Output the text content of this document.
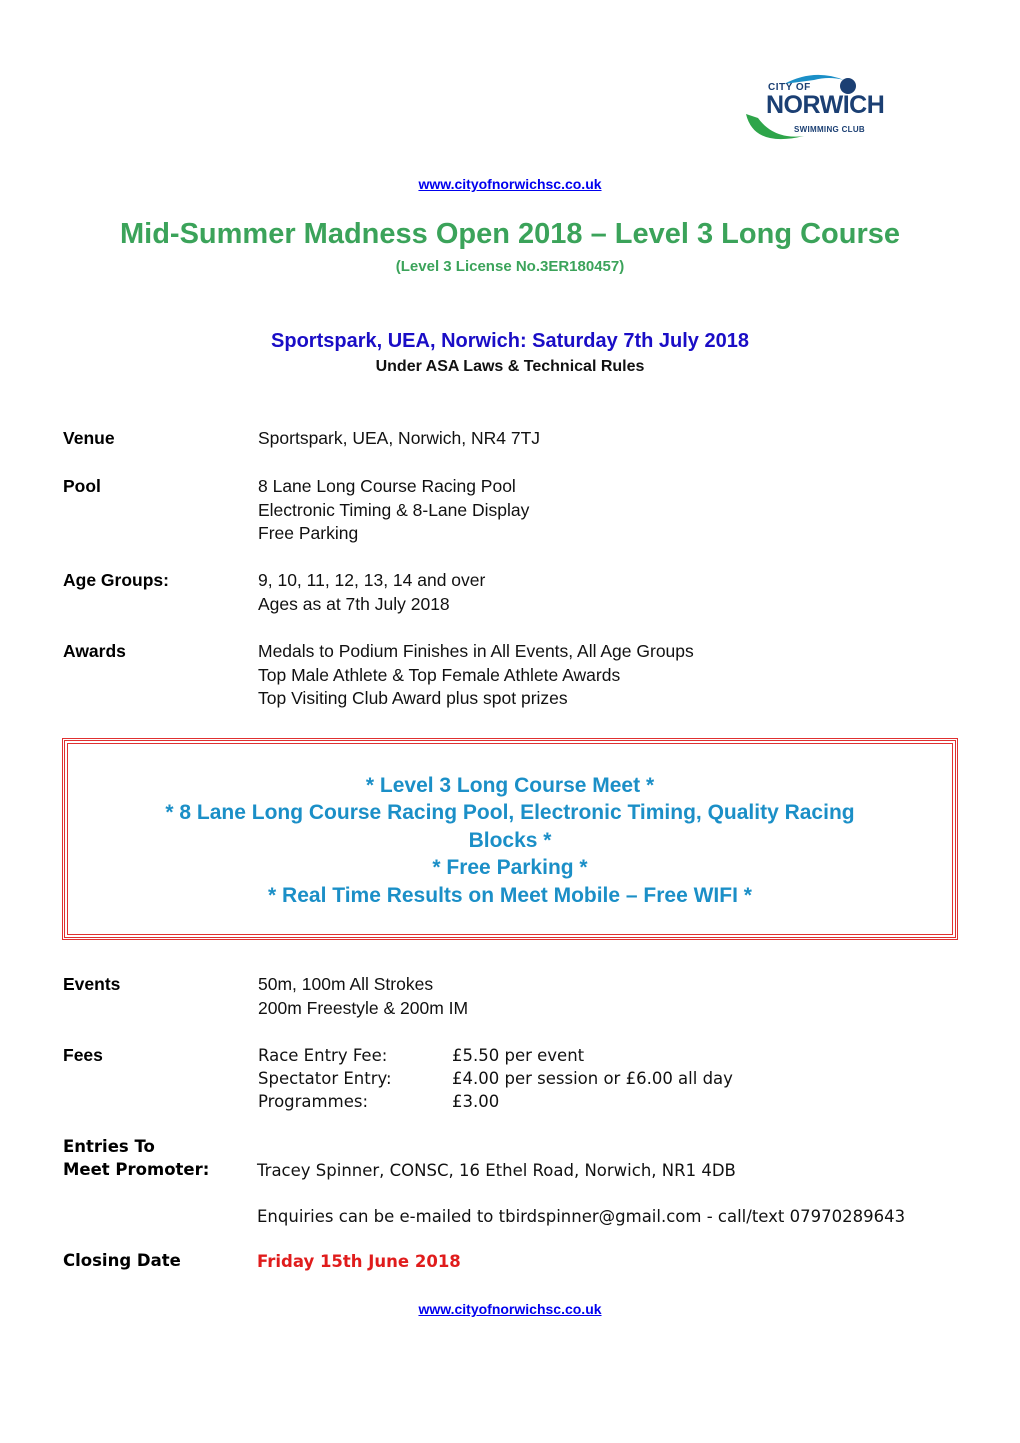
CITY OF
NORWICH
SWIMMING CLUB
www.cityofnorwichsc.co.uk
Mid-Summer Madness Open 2018 – Level 3 Long Course
(Level 3 License No.3ER180457)
Sportspark, UEA, Norwich: Saturday 7th July 2018
Under ASA Laws & Technical Rules
Venue	Sportspark, UEA, Norwich, NR4 7TJ
Pool	8 Lane Long Course Racing Pool
Electronic Timing & 8-Lane Display
Free Parking
Age Groups:	9, 10, 11, 12, 13, 14 and over
Ages as at 7th July 2018
Awards	Medals to Podium Finishes in All Events, All Age Groups
Top Male Athlete & Top Female Athlete Awards
Top Visiting Club Award plus spot prizes
* Level 3 Long Course Meet *
* 8 Lane Long Course Racing Pool, Electronic Timing, Quality Racing
Blocks *
* Free Parking *
* Real Time Results on Meet Mobile – Free WIFI *
Events	50m, 100m All Strokes
200m Freestyle & 200m IM
Fees	Race Entry Fee:	£5.50 per event
Spectator Entry:	£4.00 per session or £6.00 all day
Programmes:	£3.00
Entries To
Meet Promoter:	Tracey Spinner, CONSC, 16 Ethel Road, Norwich, NR1 4DB
Enquiries can be e-mailed to tbirdspinner@gmail.com - call/text 07970289643
Closing Date	Friday 15th June 2018
www.cityofnorwichsc.co.uk
